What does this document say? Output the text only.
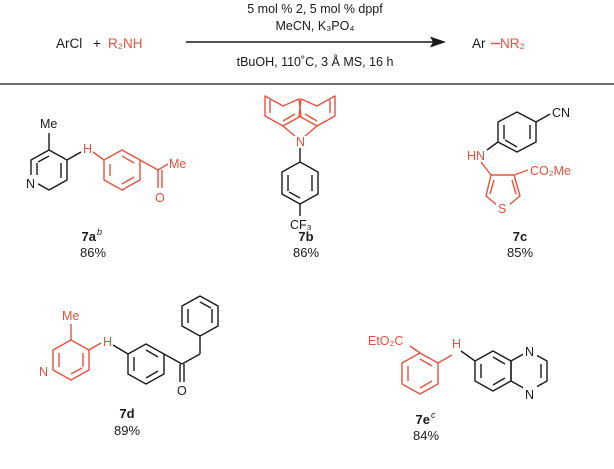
ArCl + R₂NH
5 mol % 2, 5 mol % dppf
MeCN, K₃PO₄
tBuOH, 110˚C, 3 Å MS, 16 h
Ar NR₂
Me
N
H
Me
O
7a b
86%
N
CF₃
7b
86%
CN
HN
S
CO₂Me
7c
85%
Me
N
H
O
7d
89%
EtO₂C	H
N
N
7e c
84%
